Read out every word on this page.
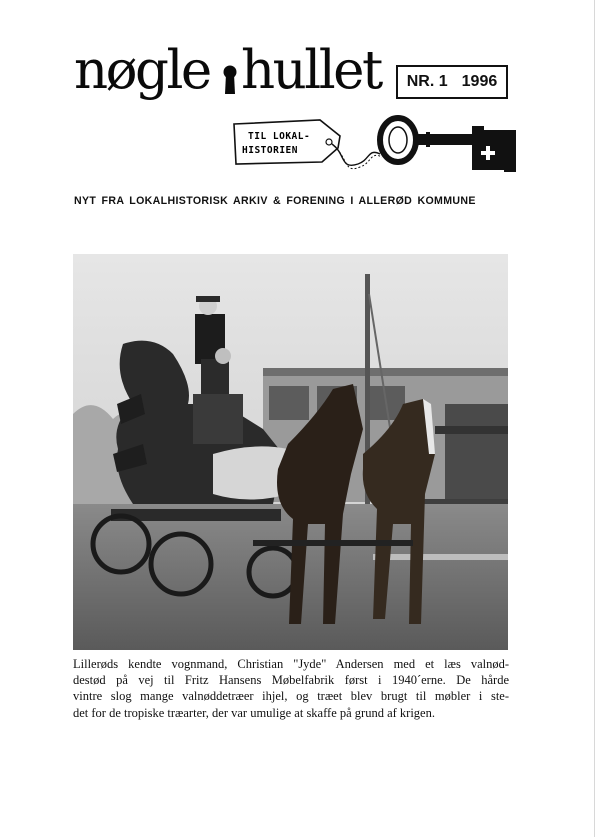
nøgle hullet NR. 1 1996
TIL LOKAL-
HISTORIEN
NYT FRA LOKALHISTORISK ARKIV & FORENING I ALLERØD KOMMUNE
Lillerøds kendte vognmand, Christian "Jyde" Andersen med et læs valnød-
destød på vej til Fritz Hansens Møbelfabrik først i 1940´erne. De hårde
vintre slog mange valnøddetræer ihjel, og træet blev brugt til møbler i ste-
det for de tropiske træarter, der var umulige at skaffe på grund af krigen.
